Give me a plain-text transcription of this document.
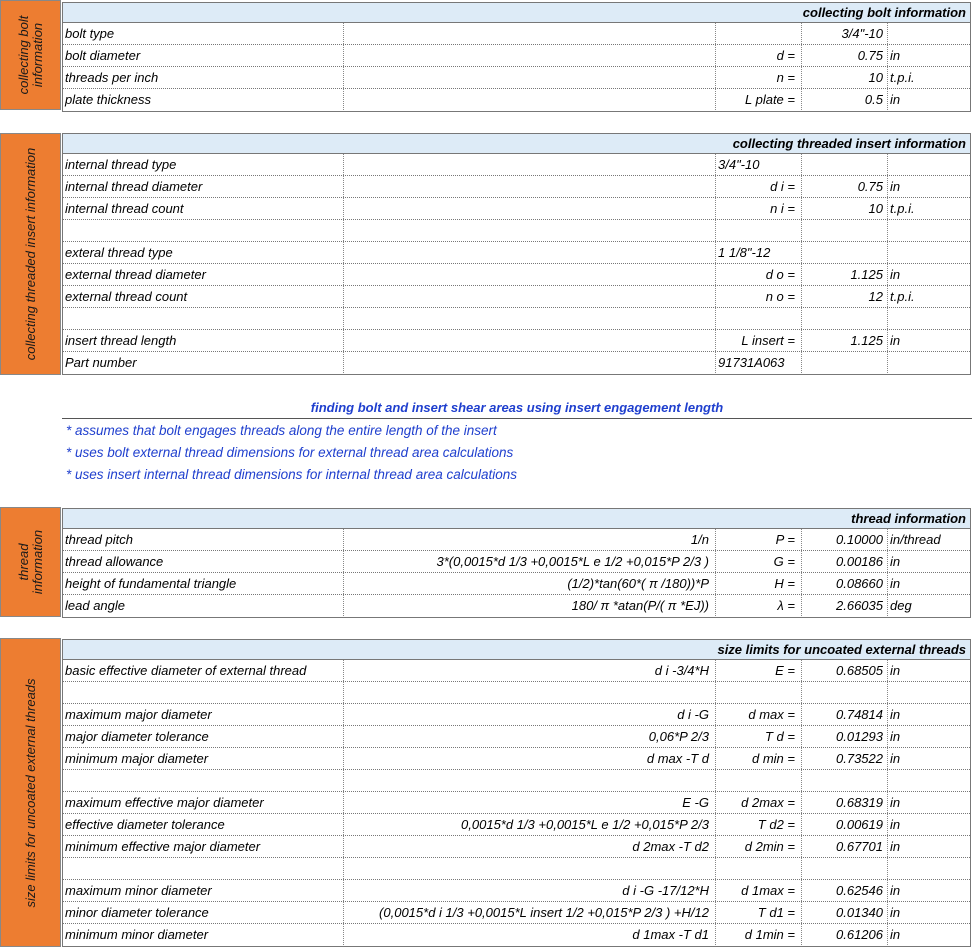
collecting bolt information
collecting bolt information
bolt type	3/4"-10
bolt diameter	d =	0.75 in
threads per inch	n =	10 t.p.i.
plate thickness	L plate =	0.5 in
collecting threaded insert information
collecting threaded insert information
internal thread type	3/4"-10
internal thread diameter	d i =	0.75 in
internal thread count	n i =	10 t.p.i.
exteral thread type	1 1/8"-12
external thread diameter	d o =	1.125 in
external thread count	n o =	12 t.p.i.
insert thread length	L insert =	1.125 in
Part number	91731A063
finding bolt and insert shear areas using insert engagement length
* assumes that bolt engages threads along the entire length of the insert
* uses bolt external thread dimensions for external thread area calculations
* uses insert internal thread dimensions for internal thread area calculations
thread information
thread information
thread pitch	1/n	P =	0.10000 in/thread
thread allowance	3*(0,0015*d 1/3 +0,0015*L e 1/2 +0,015*P 2/3 )	G =	0.00186 in
height of fundamental triangle	(1/2)*tan(60*( π /180))*P	H =	0.08660 in
lead angle	180/ π *atan(P/( π *EJ))	λ =	2.66035 deg
size limits for uncoated external threads
size limits for uncoated external threads
basic effective diameter of external thread	d i -3/4*H	E =	0.68505 in
maximum major diameter	d i -G	d max =	0.74814 in
major diameter tolerance	0,06*P 2/3	T d =	0.01293 in
minimum major diameter	d max -T d	d min =	0.73522 in
maximum effective major diameter	E -G	d 2max =	0.68319 in
effective diameter tolerance	0,0015*d 1/3 +0,0015*L e 1/2 +0,015*P 2/3	T d2 =	0.00619 in
minimum effective major diameter	d 2max -T d2	d 2min =	0.67701 in
maximum minor diameter	d i -G -17/12*H	d 1max =	0.62546 in
minor diameter tolerance	(0,0015*d i 1/3 +0,0015*L insert 1/2 +0,015*P 2/3 ) +H/12	T d1 =	0.01340 in
minimum minor diameter	d 1max -T d1	d 1min =	0.61206 in
